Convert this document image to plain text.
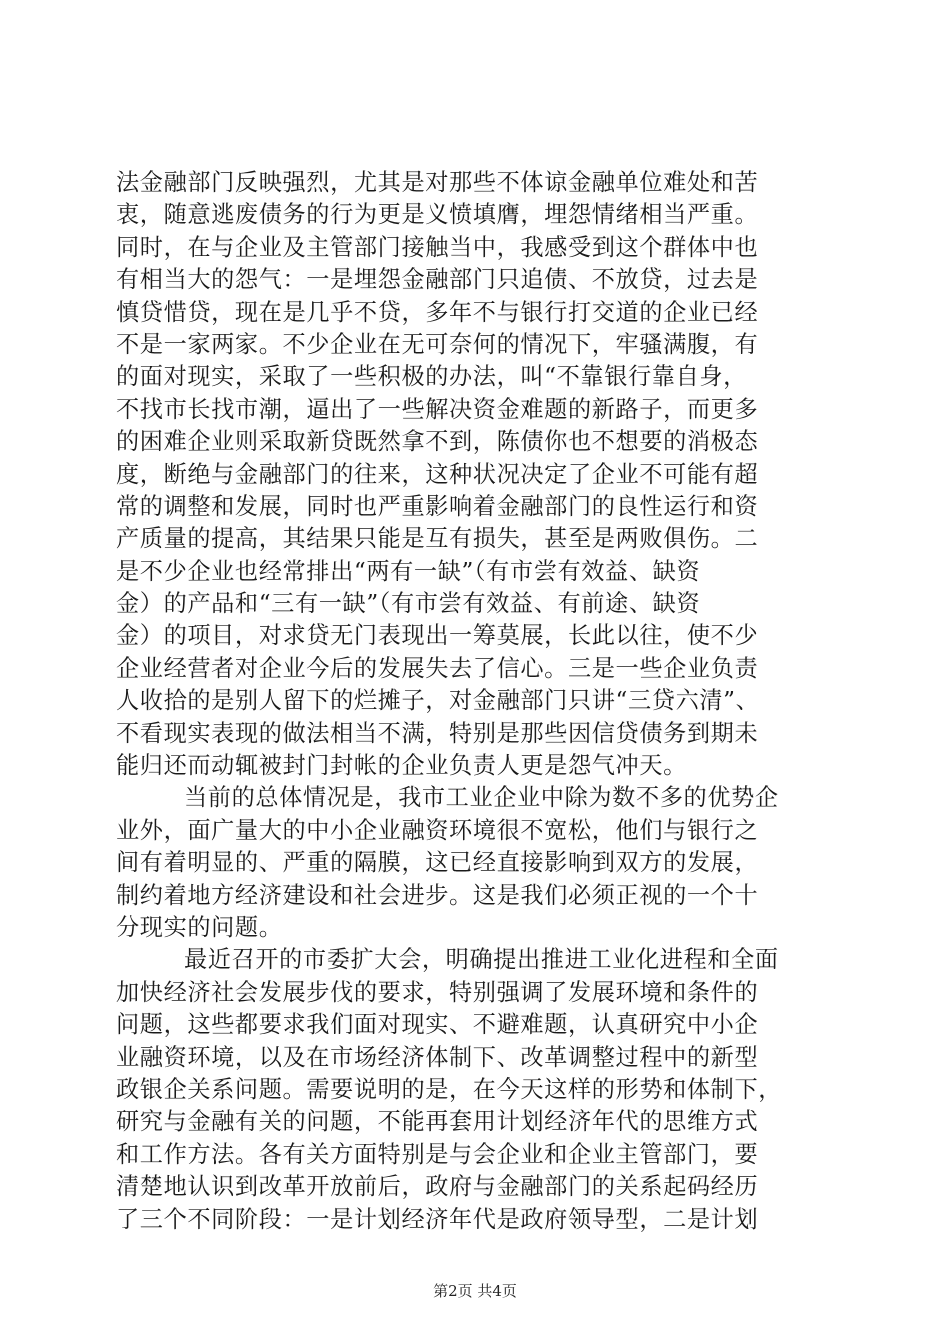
法金融部门反映强烈，尤其是对那些不体谅金融单位难处和苦
衷，随意逃废债务的行为更是义愤填膺，埋怨情绪相当严重。
同时，在与企业及主管部门接触当中，我感受到这个群体中也
有相当大的怨气：一是埋怨金融部门只追债、不放贷，过去是
慎贷惜贷，现在是几乎不贷，多年不与银行打交道的企业已经
不是一家两家。不少企业在无可奈何的情况下，牢骚满腹，有
的面对现实，采取了一些积极的办法，叫“不靠银行靠自身，
不找市长找市潮，逼出了一些解决资金难题的新路子，而更多
的困难企业则采取新贷既然拿不到，陈债你也不想要的消极态
度，断绝与金融部门的往来，这种状况决定了企业不可能有超
常的调整和发展，同时也严重影响着金融部门的良性运行和资
产质量的提高，其结果只能是互有损失，甚至是两败俱伤。二
是不少企业也经常排出“两有一缺”（有市尝有效益、缺资
金）的产品和“三有一缺”（有市尝有效益、有前途、缺资
金）的项目，对求贷无门表现出一筹莫展，长此以往，使不少
企业经营者对企业今后的发展失去了信心。三是一些企业负责
人收拾的是别人留下的烂摊子，对金融部门只讲“三贷六清”、
不看现实表现的做法相当不满，特别是那些因信贷债务到期未
能归还而动辄被封门封帐的企业负责人更是怨气冲天。
当前的总体情况是，我市工业企业中除为数不多的优势企
业外，面广量大的中小企业融资环境很不宽松，他们与银行之
间有着明显的、严重的隔膜，这已经直接影响到双方的发展，
制约着地方经济建设和社会进步。这是我们必须正视的一个十
分现实的问题。
最近召开的市委扩大会，明确提出推进工业化进程和全面
加快经济社会发展步伐的要求，特别强调了发展环境和条件的
问题，这些都要求我们面对现实、不避难题，认真研究中小企
业融资环境，以及在市场经济体制下、改革调整过程中的新型
政银企关系问题。需要说明的是，在今天这样的形势和体制下，
研究与金融有关的问题，不能再套用计划经济年代的思维方式
和工作方法。各有关方面特别是与会企业和企业主管部门，要
清楚地认识到改革开放前后，政府与金融部门的关系起码经历
了三个不同阶段：一是计划经济年代是政府领导型，二是计划
第2页 共4页
